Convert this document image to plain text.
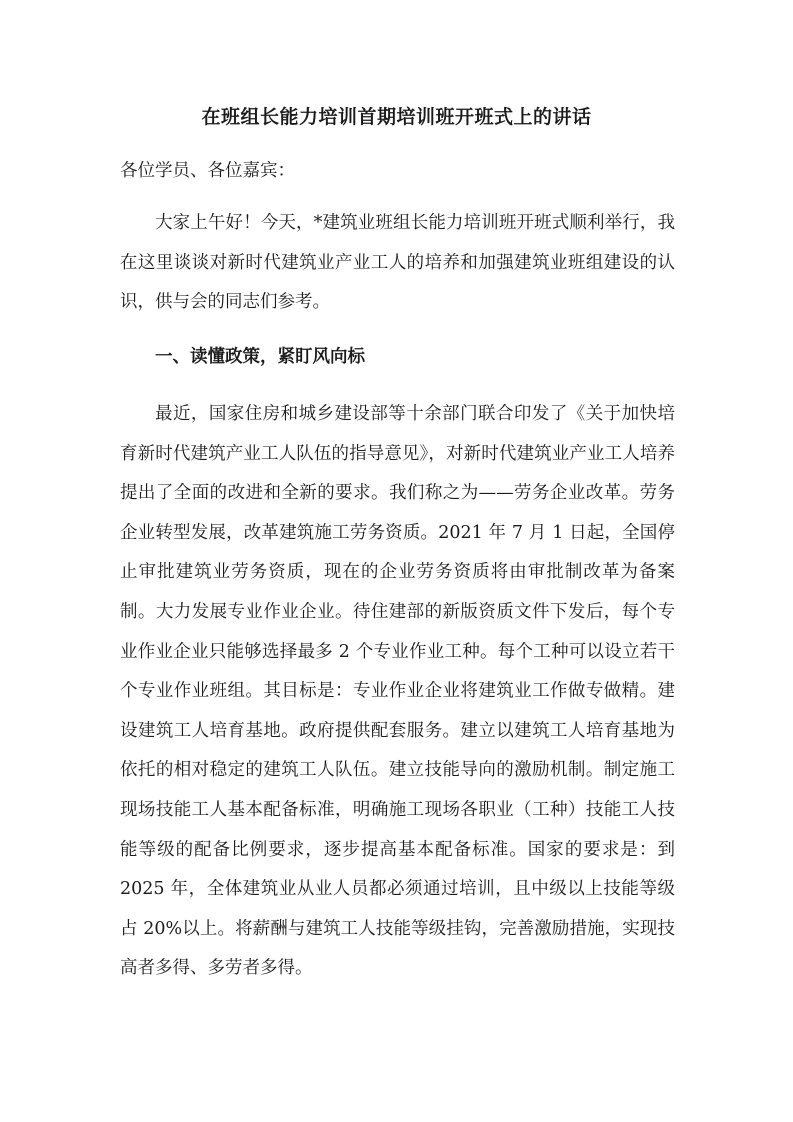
在班组长能力培训首期培训班开班式上的讲话
各位学员、各位嘉宾：

大家上午好！今天，*建筑业班组长能力培训班开班式顺利举行，我在这里谈谈对新时代建筑业产业工人的培养和加强建筑业班组建设的认识，供与会的同志们参考。

一、读懂政策，紧盯风向标

最近，国家住房和城乡建设部等十余部门联合印发了《关于加快培育新时代建筑产业工人队伍的指导意见》，对新时代建筑业产业工人培养提出了全面的改进和全新的要求。我们称之为——劳务企业改革。劳务企业转型发展，改革建筑施工劳务资质。2021 年 7 月 1 日起，全国停止审批建筑业劳务资质，现在的企业劳务资质将由审批制改革为备案制。大力发展专业作业企业。待住建部的新版资质文件下发后，每个专业作业企业只能够选择最多 2 个专业作业工种。每个工种可以设立若干个专业作业班组。其目标是：专业作业企业将建筑业工作做专做精。建设建筑工人培育基地。政府提供配套服务。建立以建筑工人培育基地为依托的相对稳定的建筑工人队伍。建立技能导向的激励机制。制定施工现场技能工人基本配备标准，明确施工现场各职业（工种）技能工人技能等级的配备比例要求，逐步提高基本配备标准。国家的要求是：到2025 年，全体建筑业从业人员都必须通过培训，且中级以上技能等级占 20%以上。将薪酬与建筑工人技能等级挂钩，完善激励措施，实现技高者多得、多劳者多得。
